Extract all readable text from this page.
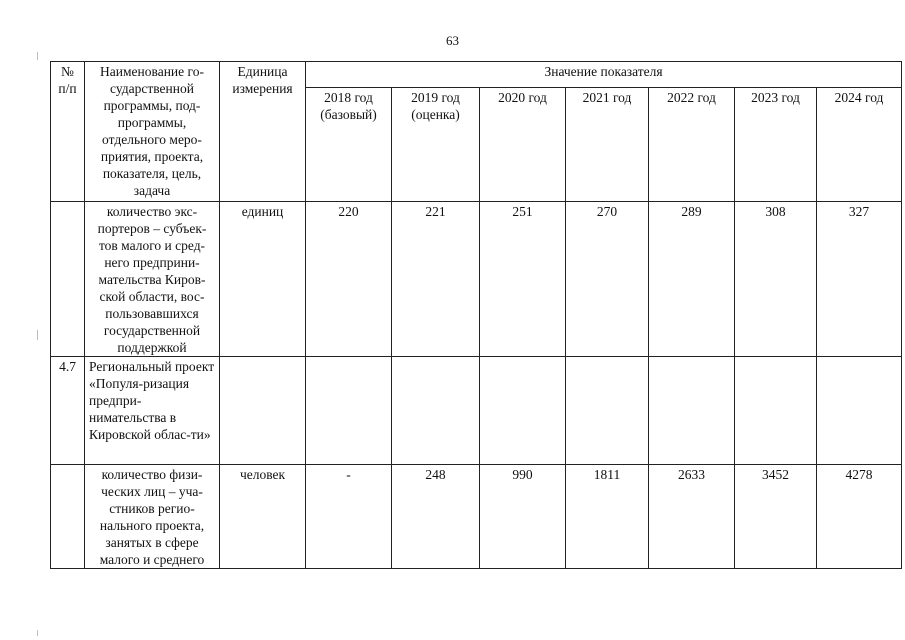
63
№ п/п	Наименование го-сударственной программы, под-программы, отдельного меро-приятия, проекта, показателя, цель, задача	Единица измерения	Значение показателя						
			2018 год (базовый)	2019 год (оценка)	2020 год	2021 год	2022 год	2023 год	2024 год
	количество экс-портеров – субъек-тов малого и сред-него предприни-мательства Киров-ской области, вос-пользовавшихся государственной поддержкой	единиц	220	221	251	270	289	308	327
4.7	Региональный проект «Популя-ризация предпри-нимательства в Кировской облас-ти»								
	количество физи-ческих лиц – уча-стников регио-нального проекта, занятых в сфере малого и среднего	человек	-	248	990	1811	2633	3452	4278
